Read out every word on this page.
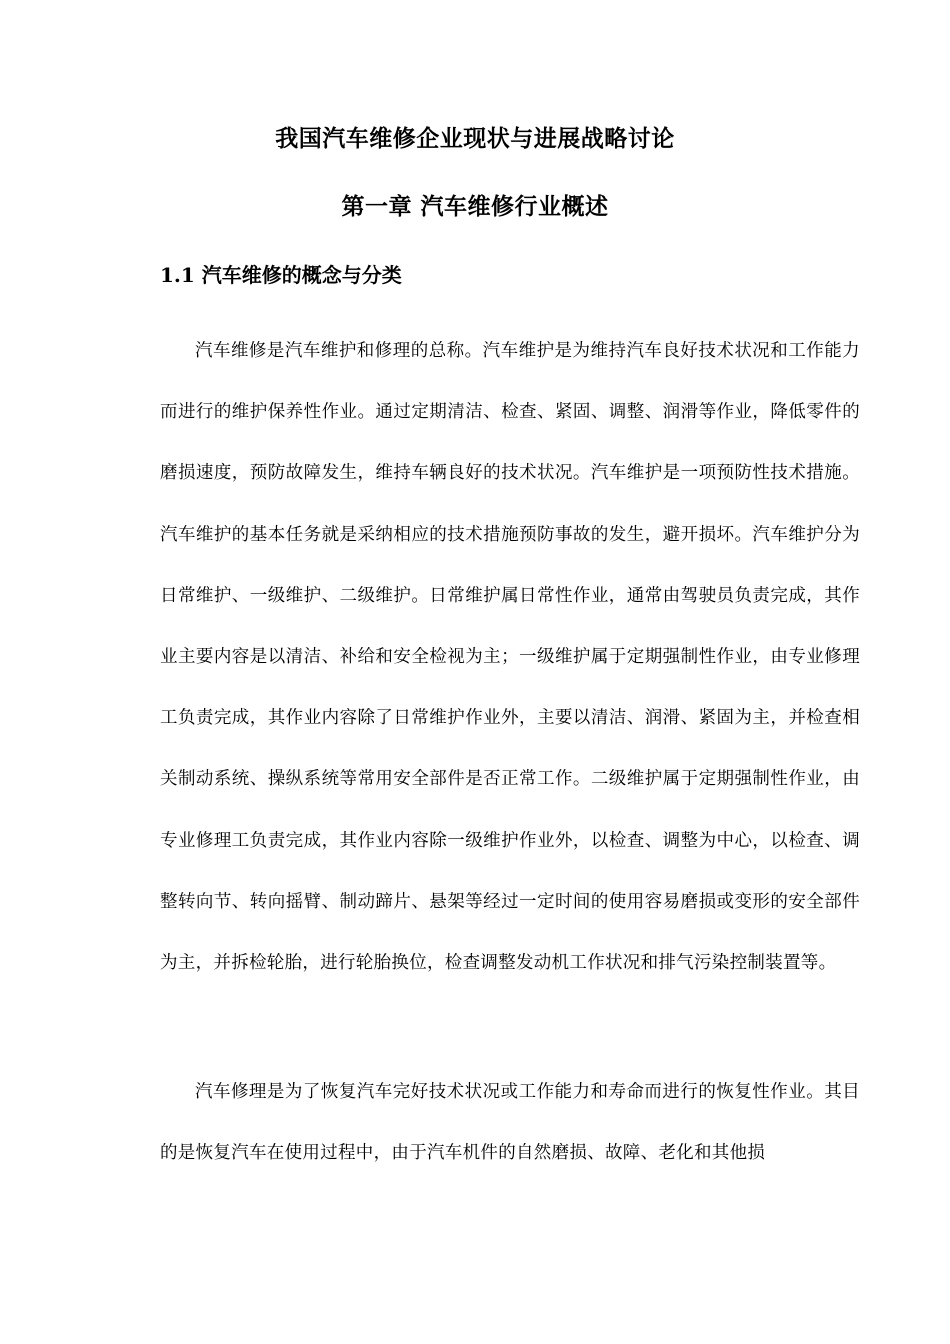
我国汽车维修企业现状与进展战略讨论
第一章 汽车维修行业概述
1.1 汽车维修的概念与分类

汽车维修是汽车维护和修理的总称。汽车维护是为维持汽车良好技术状况和工作能力而进行的维护保养性作业。通过定期清洁、检查、紧固、调整、润滑等作业，降低零件的磨损速度，预防故障发生，维持车辆良好的技术状况。汽车维护是一项预防性技术措施。汽车维护的基本任务就是采纳相应的技术措施预防事故的发生，避开损坏。汽车维护分为日常维护、一级维护、二级维护。日常维护属日常性作业，通常由驾驶员负责完成，其作业主要内容是以清洁、补给和安全检视为主；一级维护属于定期强制性作业，由专业修理工负责完成，其作业内容除了日常维护作业外，主要以清洁、润滑、紧固为主，并检查相关制动系统、操纵系统等常用安全部件是否正常工作。二级维护属于定期强制性作业，由专业修理工负责完成，其作业内容除一级维护作业外，以检查、调整为中心，以检查、调整转向节、转向摇臂、制动蹄片、悬架等经过一定时间的使用容易磨损或变形的安全部件为主，并拆检轮胎，进行轮胎换位，检查调整发动机工作状况和排气污染控制装置等。

汽车修理是为了恢复汽车完好技术状况或工作能力和寿命而进行的恢复性作业。其目的是恢复汽车在使用过程中，由于汽车机件的自然磨损、故障、老化和其他损
